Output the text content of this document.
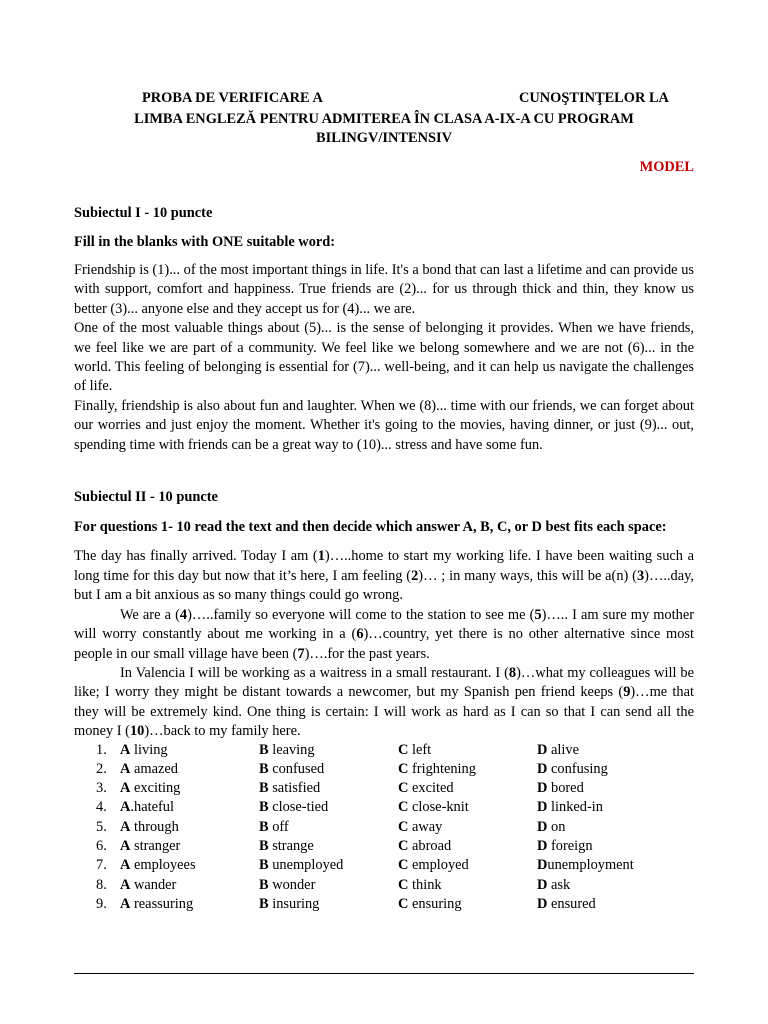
PROBA DE VERIFICARE A	CUNOŞTINŢELOR LA
LIMBA ENGLEZĂ PENTRU ADMITEREA ÎN CLASA A-IX-A CU PROGRAM
BILINGV/INTENSIV
MODEL
Subiectul I - 10 puncte
Fill in the blanks with ONE suitable word:

Friendship is (1)... of the most important things in life. It's a bond that can last a lifetime and can provide us with support, comfort and happiness. True friends are (2)... for us through thick and thin, they know us better (3)... anyone else and they accept us for (4)... we are.

One of the most valuable things about (5)... is the sense of belonging it provides. When we have friends, we feel like we are part of a community. We feel like we belong somewhere and we are not (6)... in the world. This feeling of belonging is essential for (7)... well-being, and it can help us navigate the challenges of life.

Finally, friendship is also about fun and laughter. When we (8)... time with our friends, we can forget about our worries and just enjoy the moment. Whether it's going to the movies, having dinner, or just (9)... out, spending time with friends can be a great way to (10)... stress and have some fun.

Subiectul II - 10 puncte
For questions 1- 10 read the text and then decide which answer A, B, C, or D best fits each space:

The day has finally arrived. Today I am (1)…..home to start my working life. I have been waiting such a long time for this day but now that it’s here, I am feeling (2)… ; in many ways, this will be a(n) (3)…..day, but I am a bit anxious as so many things could go wrong.

We are a (4)…..family so everyone will come to the station to see me (5)….. I am sure my mother will worry constantly about me working in a (6)…country, yet there is no other alternative since most people in our small village have been (7)….for the past years.

In Valencia I will be working as a waitress in a small restaurant. I (8)…what my colleagues will be like; I worry they might be distant towards a newcomer, but my Spanish pen friend keeps (9)…me that they will be extremely kind. One thing is certain: I will work as hard as I can so that I can send all the money I (10)…back to my family here.

1.	A living	B leaving	C left	D alive
2.	A amazed	B confused	C frightening	D confusing
3.	A exciting	B satisfied	C excited	D bored
4.	A.hateful	B close-tied	C close-knit	D linked-in
5.	A through	B off	C away	D on
6.	A stranger	B strange	C abroad	D foreign
7.	A employees	B unemployed	C employed	Dunemployment
8.	A wander	B wonder	C think	D ask
9.	A reassuring	B insuring	C ensuring	D ensured
